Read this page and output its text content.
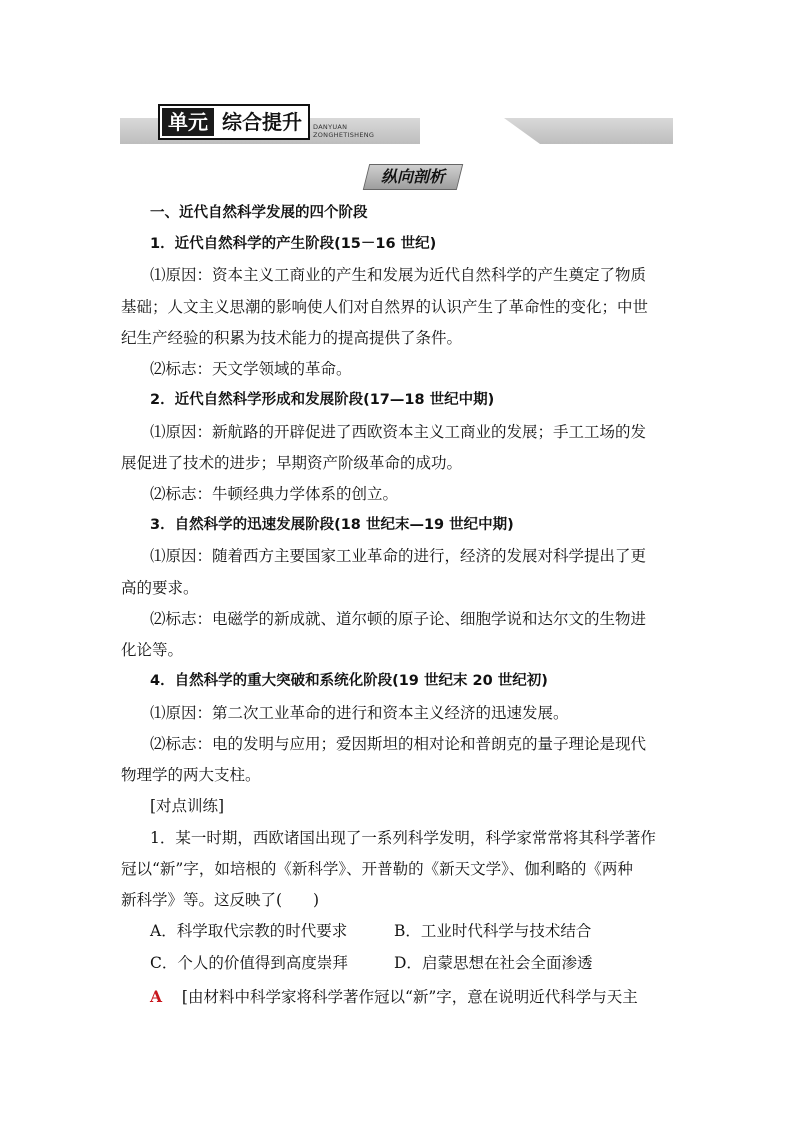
单元 综合提升	DANYUAN
ZONGHETISHENG
纵向剖析
一、近代自然科学发展的四个阶段
1．近代自然科学的产生阶段(15－16 世纪)
⑴原因：资本主义工商业的产生和发展为近代自然科学的产生奠定了物质
基础；人文主义思潮的影响使人们对自然界的认识产生了革命性的变化；中世
纪生产经验的积累为技术能力的提高提供了条件。
⑵标志：天文学领域的革命。
2．近代自然科学形成和发展阶段(17—18 世纪中期)
⑴原因：新航路的开辟促进了西欧资本主义工商业的发展；手工工场的发
展促进了技术的进步；早期资产阶级革命的成功。
⑵标志：牛顿经典力学体系的创立。
3．自然科学的迅速发展阶段(18 世纪末—19 世纪中期)
⑴原因：随着西方主要国家工业革命的进行，经济的发展对科学提出了更
高的要求。
⑵标志：电磁学的新成就、道尔顿的原子论、细胞学说和达尔文的生物进
化论等。
4．自然科学的重大突破和系统化阶段(19 世纪末 20 世纪初)
⑴原因：第二次工业革命的进行和资本主义经济的迅速发展。
⑵标志：电的发明与应用；爱因斯坦的相对论和普朗克的量子理论是现代
物理学的两大支柱。
[对点训练]
1．某一时期，西欧诸国出现了一系列科学发明，科学家常常将其科学著作
冠以“新”字，如培根的《新科学》、开普勒的《新天文学》、伽利略的《两种
新科学》等。这反映了(　　)
A．科学取代宗教的时代要求	B．工业时代科学与技术结合
C．个人的价值得到高度崇拜	D．启蒙思想在社会全面渗透
A [由材料中科学家将科学著作冠以“新”字，意在说明近代科学与天主
